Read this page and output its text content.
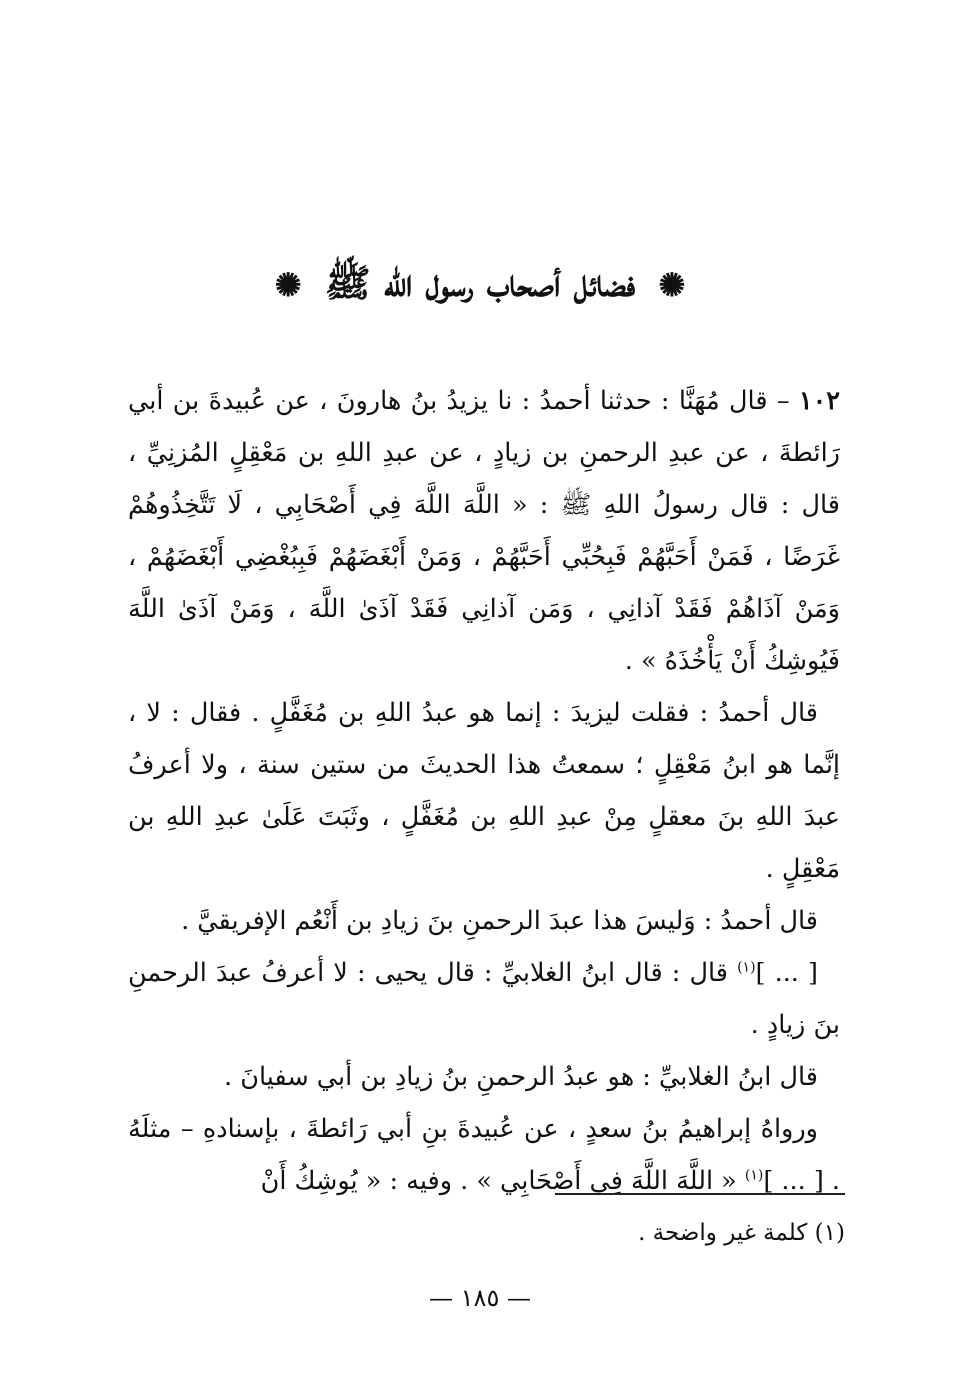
✺ فضائل أصحاب رسول الله ﷺ ✺

١٠٢ – قال مُهَنَّا : حدثنا أحمدُ : نا يزيدُ بنُ هارونَ ، عن عُبيدةَ بن أبي رَائطةَ ، عن عبدِ الرحمنِ بن زيادٍ ، عن عبدِ اللهِ بن مَعْقِلٍ المُزنِيِّ ، قال : قال رسولُ اللهِ ﷺ : « اللَّهَ اللَّهَ فِي أَصْحَابِي ، لَا تَتَّخِذُوهُمْ غَرَضًا ، فَمَنْ أَحَبَّهُمْ فَبِحُبِّي أَحَبَّهُمْ ، وَمَنْ أَبْغَضَهُمْ فَبِبُغْضِي أَبْغَضَهُمْ ، وَمَنْ آذَاهُمْ فَقَدْ آذانِي ، وَمَن آذانِي فَقَدْ آذَىٰ اللَّهَ ، وَمَنْ آذَىٰ اللَّهَ فَيُوشِكُ أَنْ يَأْخُذَهُ » .

قال أحمدُ : فقلت ليزيدَ : إنما هو عبدُ اللهِ بن مُغَفَّلٍ . فقال : لا ، إنَّما هو ابنُ مَعْقِلٍ ؛ سمعتُ هذا الحديثَ من ستين سنة ، ولا أعرفُ عبدَ اللهِ بنَ معقلٍ مِنْ عبدِ اللهِ بن مُغَفَّلٍ ، وثَبَتَ عَلَىٰ عبدِ اللهِ بن مَعْقِلٍ .

قال أحمدُ : وَليسَ هذا عبدَ الرحمنِ بنَ زيادِ بن أَنْعُم الإفريقيَّ .

[ ... ]$^{(١)}$ قال : قال ابنُ الغلابيِّ : قال يحيى : لا أعرفُ عبدَ الرحمنِ بنَ زيادٍ .

قال ابنُ الغلابيِّ : هو عبدُ الرحمنِ بنُ زيادِ بن أبي سفيانَ .

ورواهُ إبراهيمُ بنُ سعدٍ ، عن عُبيدةَ بنِ أبي رَائطةَ ، بإسنادهِ – مثلَهُ . [ ... ]$^{(١)}$ « اللَّهَ اللَّهَ فِي أَصْحَابِي » . وفيه : « يُوشِكُ أَنْ

(١) كلمة غير واضحة .
— ١٨٥ —
